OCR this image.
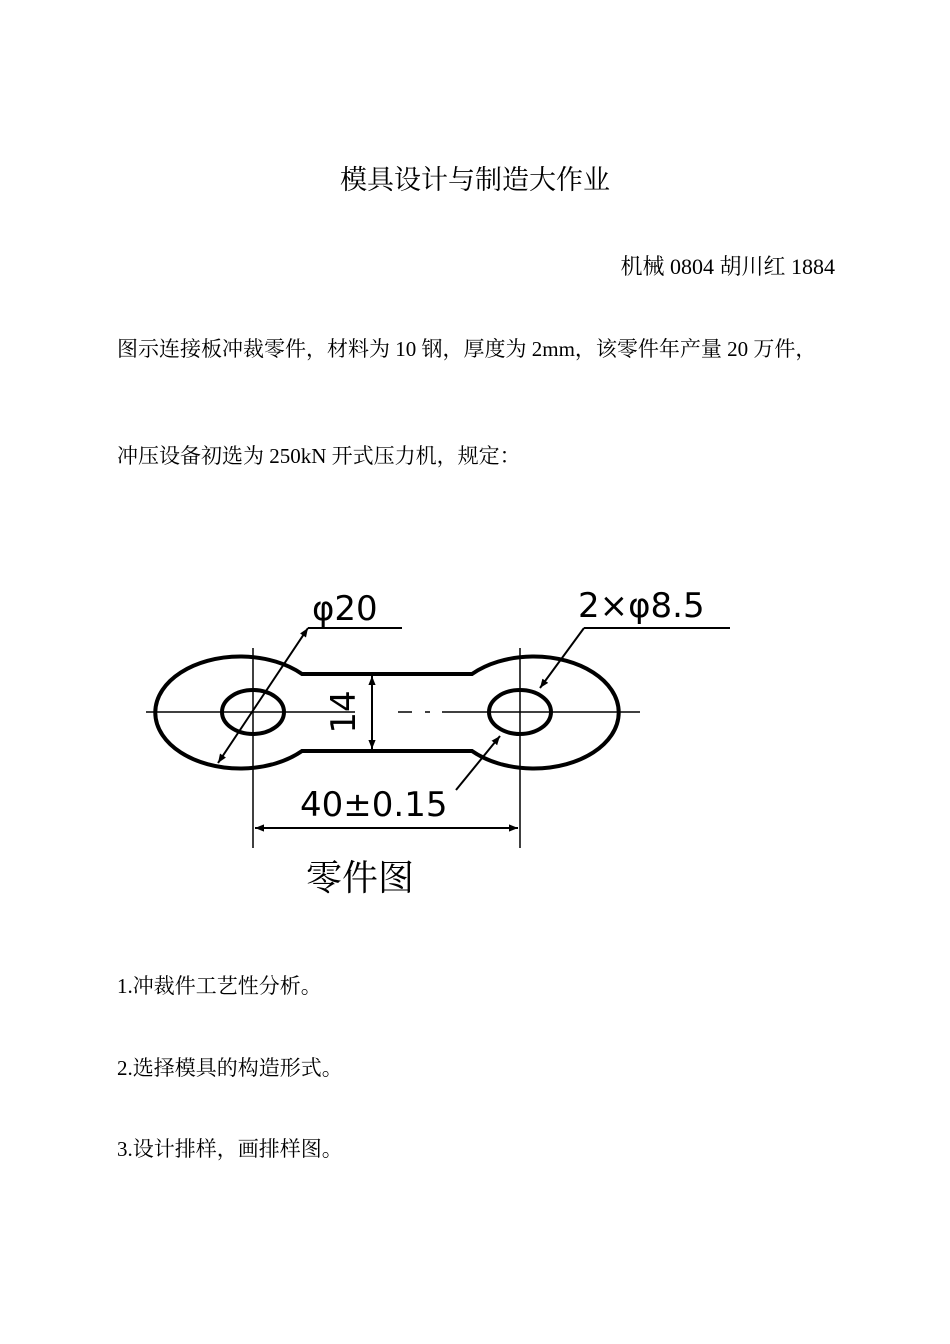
模具设计与制造大作业
机械 0804 胡川红 1884
图示连接板冲裁零件，材料为 10 钢，厚度为 2mm，该零件年产量 20 万件，
冲压设备初选为 250kN 开式压力机，规定：
φ20	2×φ8.5
14
40±0.15
零件图
1.冲裁件工艺性分析。
2.选择模具的构造形式。
3.设计排样，画排样图。
